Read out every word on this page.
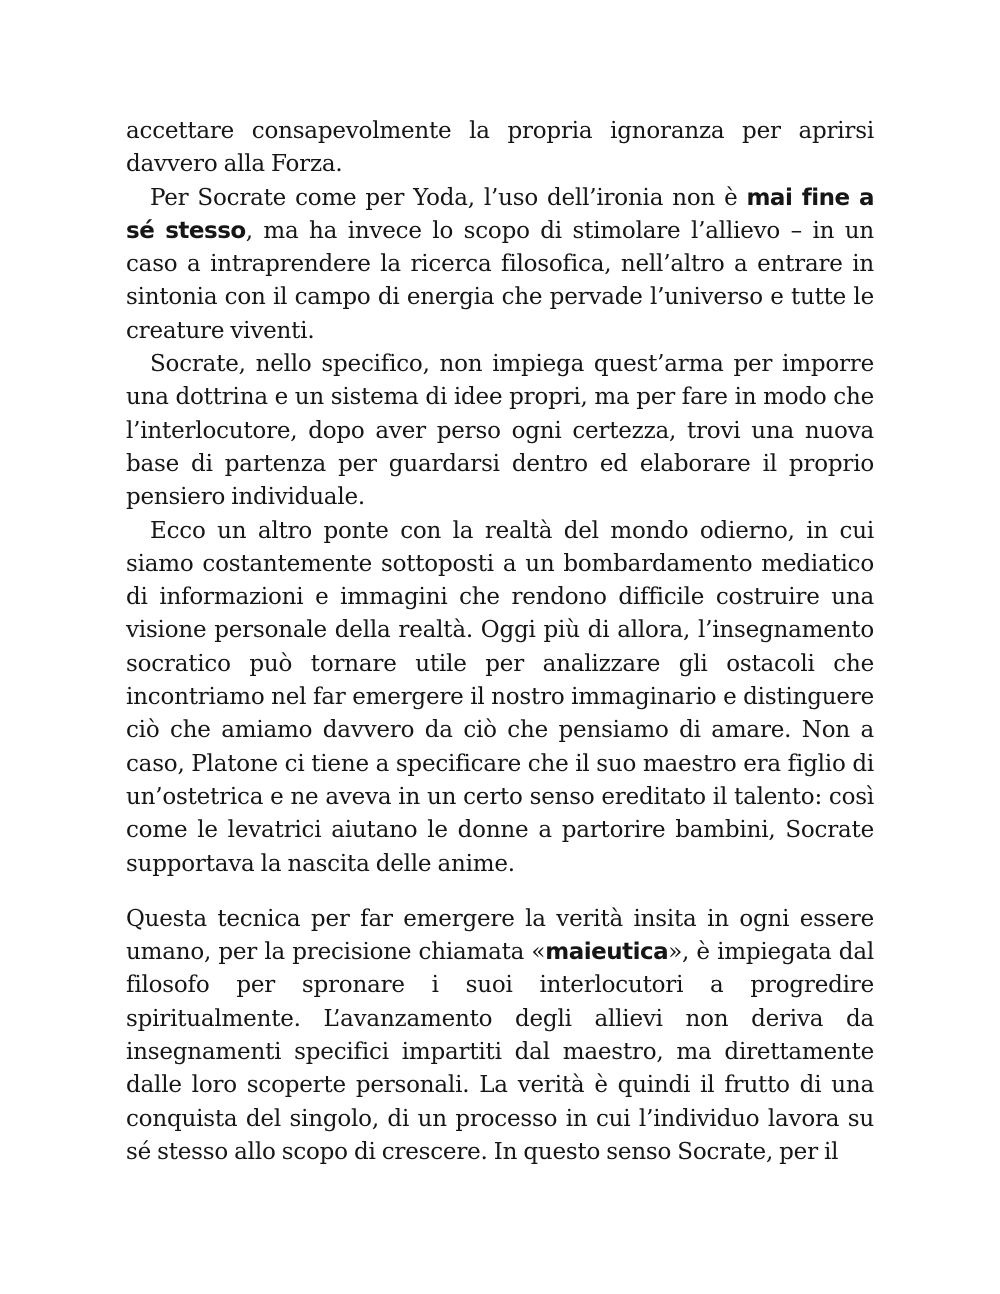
accettare consapevolmente la propria ignoranza per aprirsi davvero alla Forza.

Per Socrate come per Yoda, l’uso dell’ironia non è mai fine a sé stesso, ma ha invece lo scopo di stimolare l’allievo – in un caso a intraprendere la ricerca filosofica, nell’altro a entrare in sintonia con il campo di energia che pervade l’universo e tutte le creature viventi.

Socrate, nello specifico, non impiega quest’arma per imporre una dottrina e un sistema di idee propri, ma per fare in modo che l’interlocutore, dopo aver perso ogni certezza, trovi una nuova base di partenza per guardarsi dentro ed elaborare il proprio pensiero individuale.

Ecco un altro ponte con la realtà del mondo odierno, in cui siamo costantemente sottoposti a un bombardamento mediatico di informazioni e immagini che rendono difficile costruire una visione personale della realtà. Oggi più di allora, l’insegnamento socratico può tornare utile per analizzare gli ostacoli che incontriamo nel far emergere il nostro immaginario e distinguere ciò che amiamo davvero da ciò che pensiamo di amare. Non a caso, Platone ci tiene a specificare che il suo maestro era figlio di un’ostetrica e ne aveva in un certo senso ereditato il talento: così come le levatrici aiutano le donne a partorire bambini, Socrate supportava la nascita delle anime.

Questa tecnica per far emergere la verità insita in ogni essere umano, per la precisione chiamata «maieutica», è impiegata dal filosofo per spronare i suoi interlocutori a progredire spiritualmente. L’avanzamento degli allievi non deriva da insegnamenti specifici impartiti dal maestro, ma direttamente dalle loro scoperte personali. La verità è quindi il frutto di una conquista del singolo, di un processo in cui l’individuo lavora su sé stesso allo scopo di crescere. In questo senso Socrate, per il
